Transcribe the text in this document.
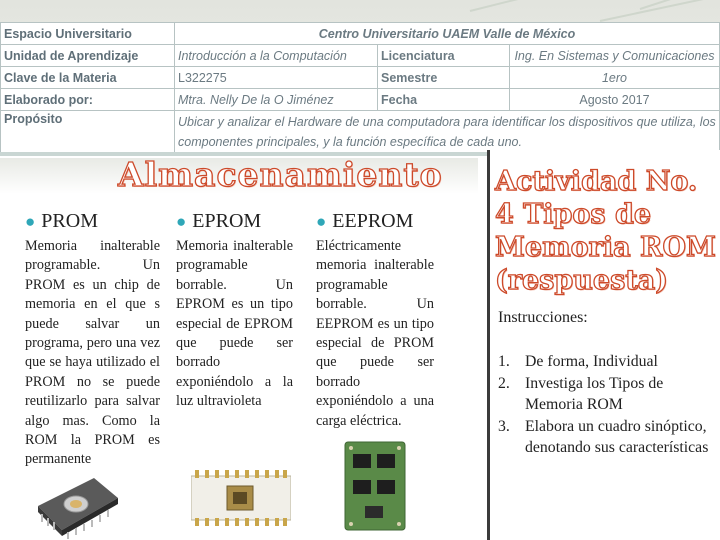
Espacio Universitario	Centro Universitario UAEM Valle de México		
Unidad de Aprendizaje	Introducción a la Computación	Licenciatura	Ing. En Sistemas y Comunicaciones
Clave de la Materia	L322275	Semestre	1ero
Elaborado por:	Mtra. Nelly De la O Jiménez	Fecha	Agosto 2017
Propósito	Ubicar y analizar el Hardware de una computadora para identificar los dispositivos que utiliza, los componentes principales, y la función específica de cada uno.		
Almacenamiento
● PROM
Memoria inalterable programable. Un PROM es un chip de memoria en el que s puede salvar un programa, pero una vez que se haya utilizado el PROM no se puede reutilizarlo para salvar algo mas. Como la ROM la PROM es permanente
● EPROM
Memoria inalterable programable borrable. Un EPROM es un tipo especial de EPROM que puede ser borrado exponiéndolo a la luz ultravioleta
● EEPROM
Eléctricamente memoria inalterable programable borrable. Un EEPROM es un tipo especial de PROM que puede ser borrado exponiéndolo a una carga eléctrica.
Actividad No. 4 Tipos de Memoria ROM (respuesta)
Instrucciones:
1. De forma, Individual
2. Investiga los Tipos de Memoria ROM
3. Elabora un cuadro sinóptico, denotando sus características
